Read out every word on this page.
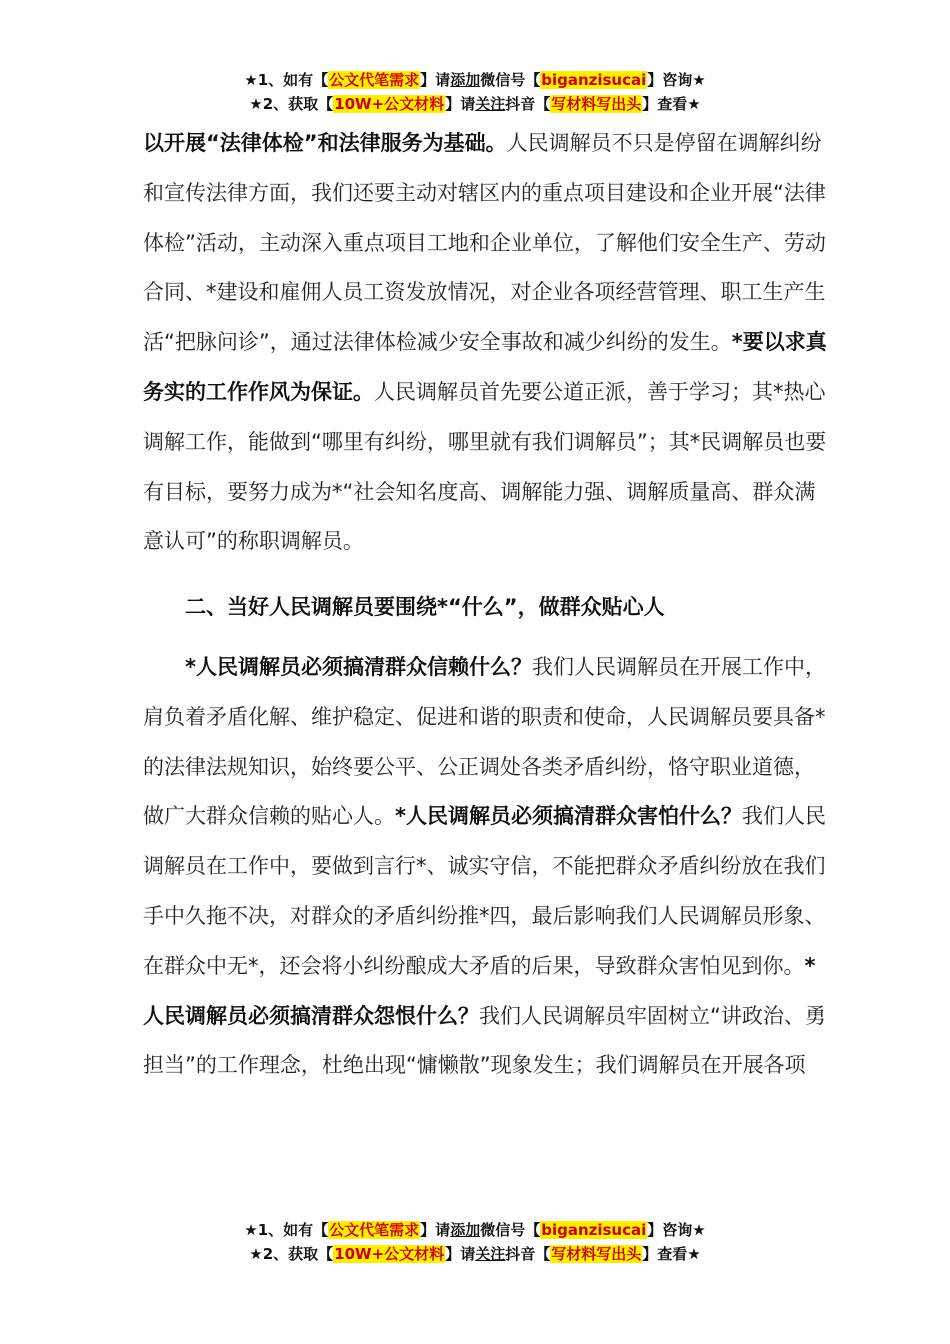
★1、如有【公文代笔需求】请添加微信号【biganzisucai】咨询★
★2、获取【10W+公文材料】请关注抖音【写材料写出头】查看★

以开展“法律体检”和法律服务为基础。人民调解员不只是停留在调解纠纷和宣传法律方面，我们还要主动对辖区内的重点项目建设和企业开展“法律体检”活动，主动深入重点项目工地和企业单位，了解他们安全生产、劳动合同、*建设和雇佣人员工资发放情况，对企业各项经营管理、职工生产生活“把脉问诊”，通过法律体检减少安全事故和减少纠纷的发生。*要以求真务实的工作作风为保证。人民调解员首先要公道正派，善于学习；其*热心调解工作，能做到“哪里有纠纷，哪里就有我们调解员”；其*民调解员也要有目标，要努力成为*“社会知名度高、调解能力强、调解质量高、群众满意认可”的称职调解员。

二、当好人民调解员要围绕*“什么”，做群众贴心人

*人民调解员必须搞清群众信赖什么？我们人民调解员在开展工作中，肩负着矛盾化解、维护稳定、促进和谐的职责和使命，人民调解员要具备*的法律法规知识，始终要公平、公正调处各类矛盾纠纷，恪守职业道德，做广大群众信赖的贴心人。*人民调解员必须搞清群众害怕什么？我们人民调解员在工作中，要做到言行*、诚实守信，不能把群众矛盾纠纷放在我们手中久拖不决，对群众的矛盾纠纷推*四，最后影响我们人民调解员形象、在群众中无*，还会将小纠纷酿成大矛盾的后果，导致群众害怕见到你。*人民调解员必须搞清群众怨恨什么？我们人民调解员牢固树立“讲政治、勇担当”的工作理念，杜绝出现“慵懒散”现象发生；我们调解员在开展各项

★1、如有【公文代笔需求】请添加微信号【biganzisucai】咨询★
★2、获取【10W+公文材料】请关注抖音【写材料写出头】查看★
